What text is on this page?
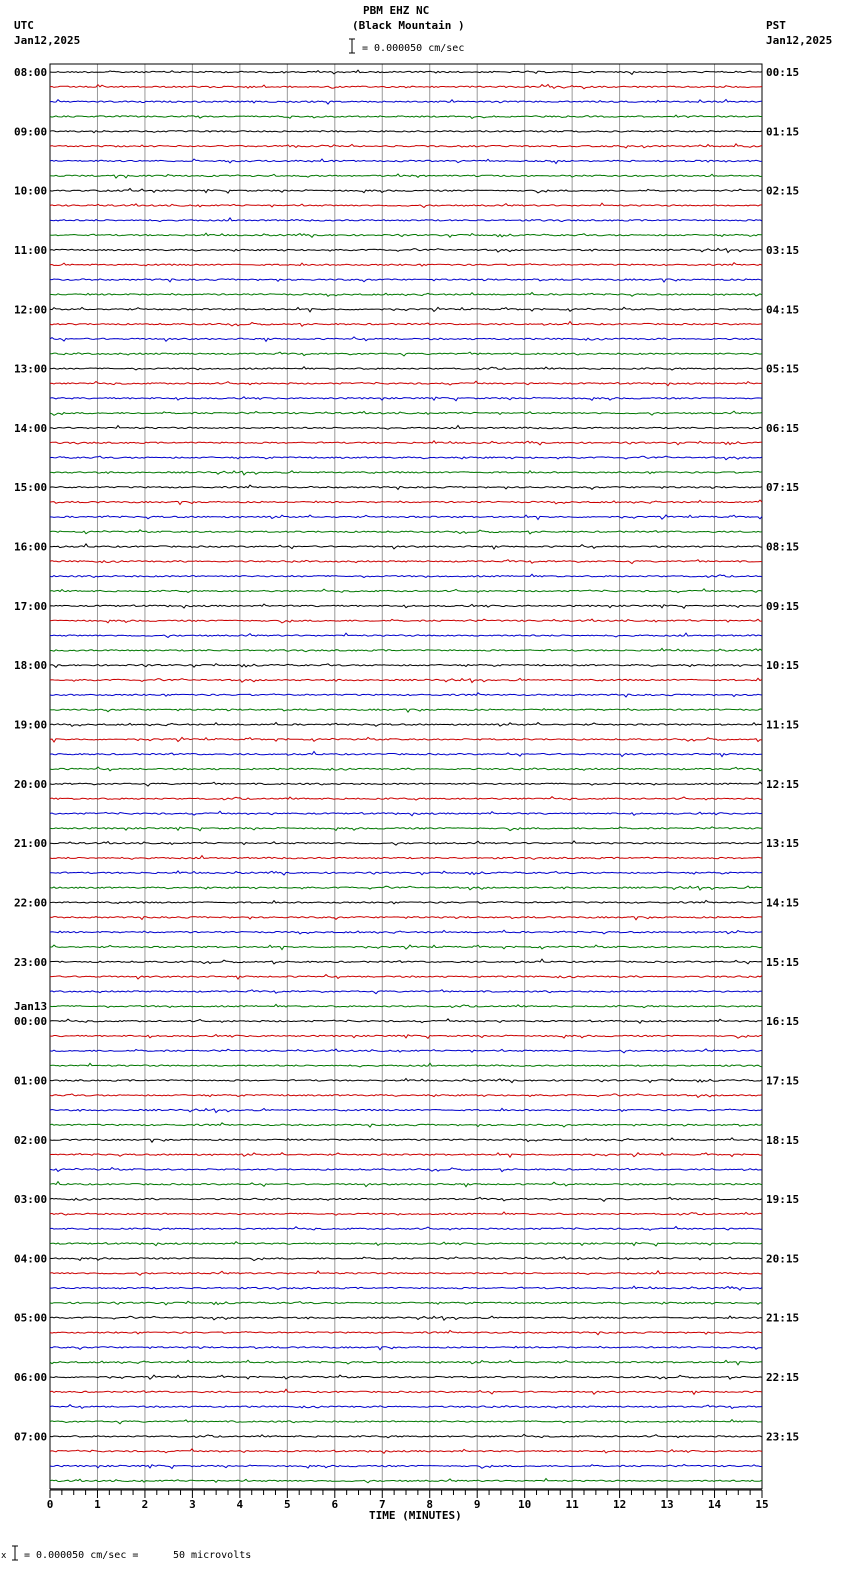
0	1	2	3	4	5	6	7	8	9	10	11	12	13	14	15
08:00	00:15
09:00	01:15
10:00	02:15
11:00	03:15
12:00	04:15
13:00	05:15
14:00	06:15
15:00	07:15
16:00	08:15
17:00	09:15
18:00	10:15
19:00	11:15
20:00	12:15
21:00	13:15
22:00	14:15
23:00	15:15
00:00	16:15
Jan13
01:00	17:15
02:00	18:15
03:00	19:15
04:00	20:15
05:00	21:15
06:00	22:15
07:00	23:15
PBM EHZ NC
(Black Mountain )
UTC
Jan12,2025
PST
Jan12,2025
= 0.000050 cm/sec
TIME (MINUTES)
x = 0.000050 cm/sec =	50 microvolts
